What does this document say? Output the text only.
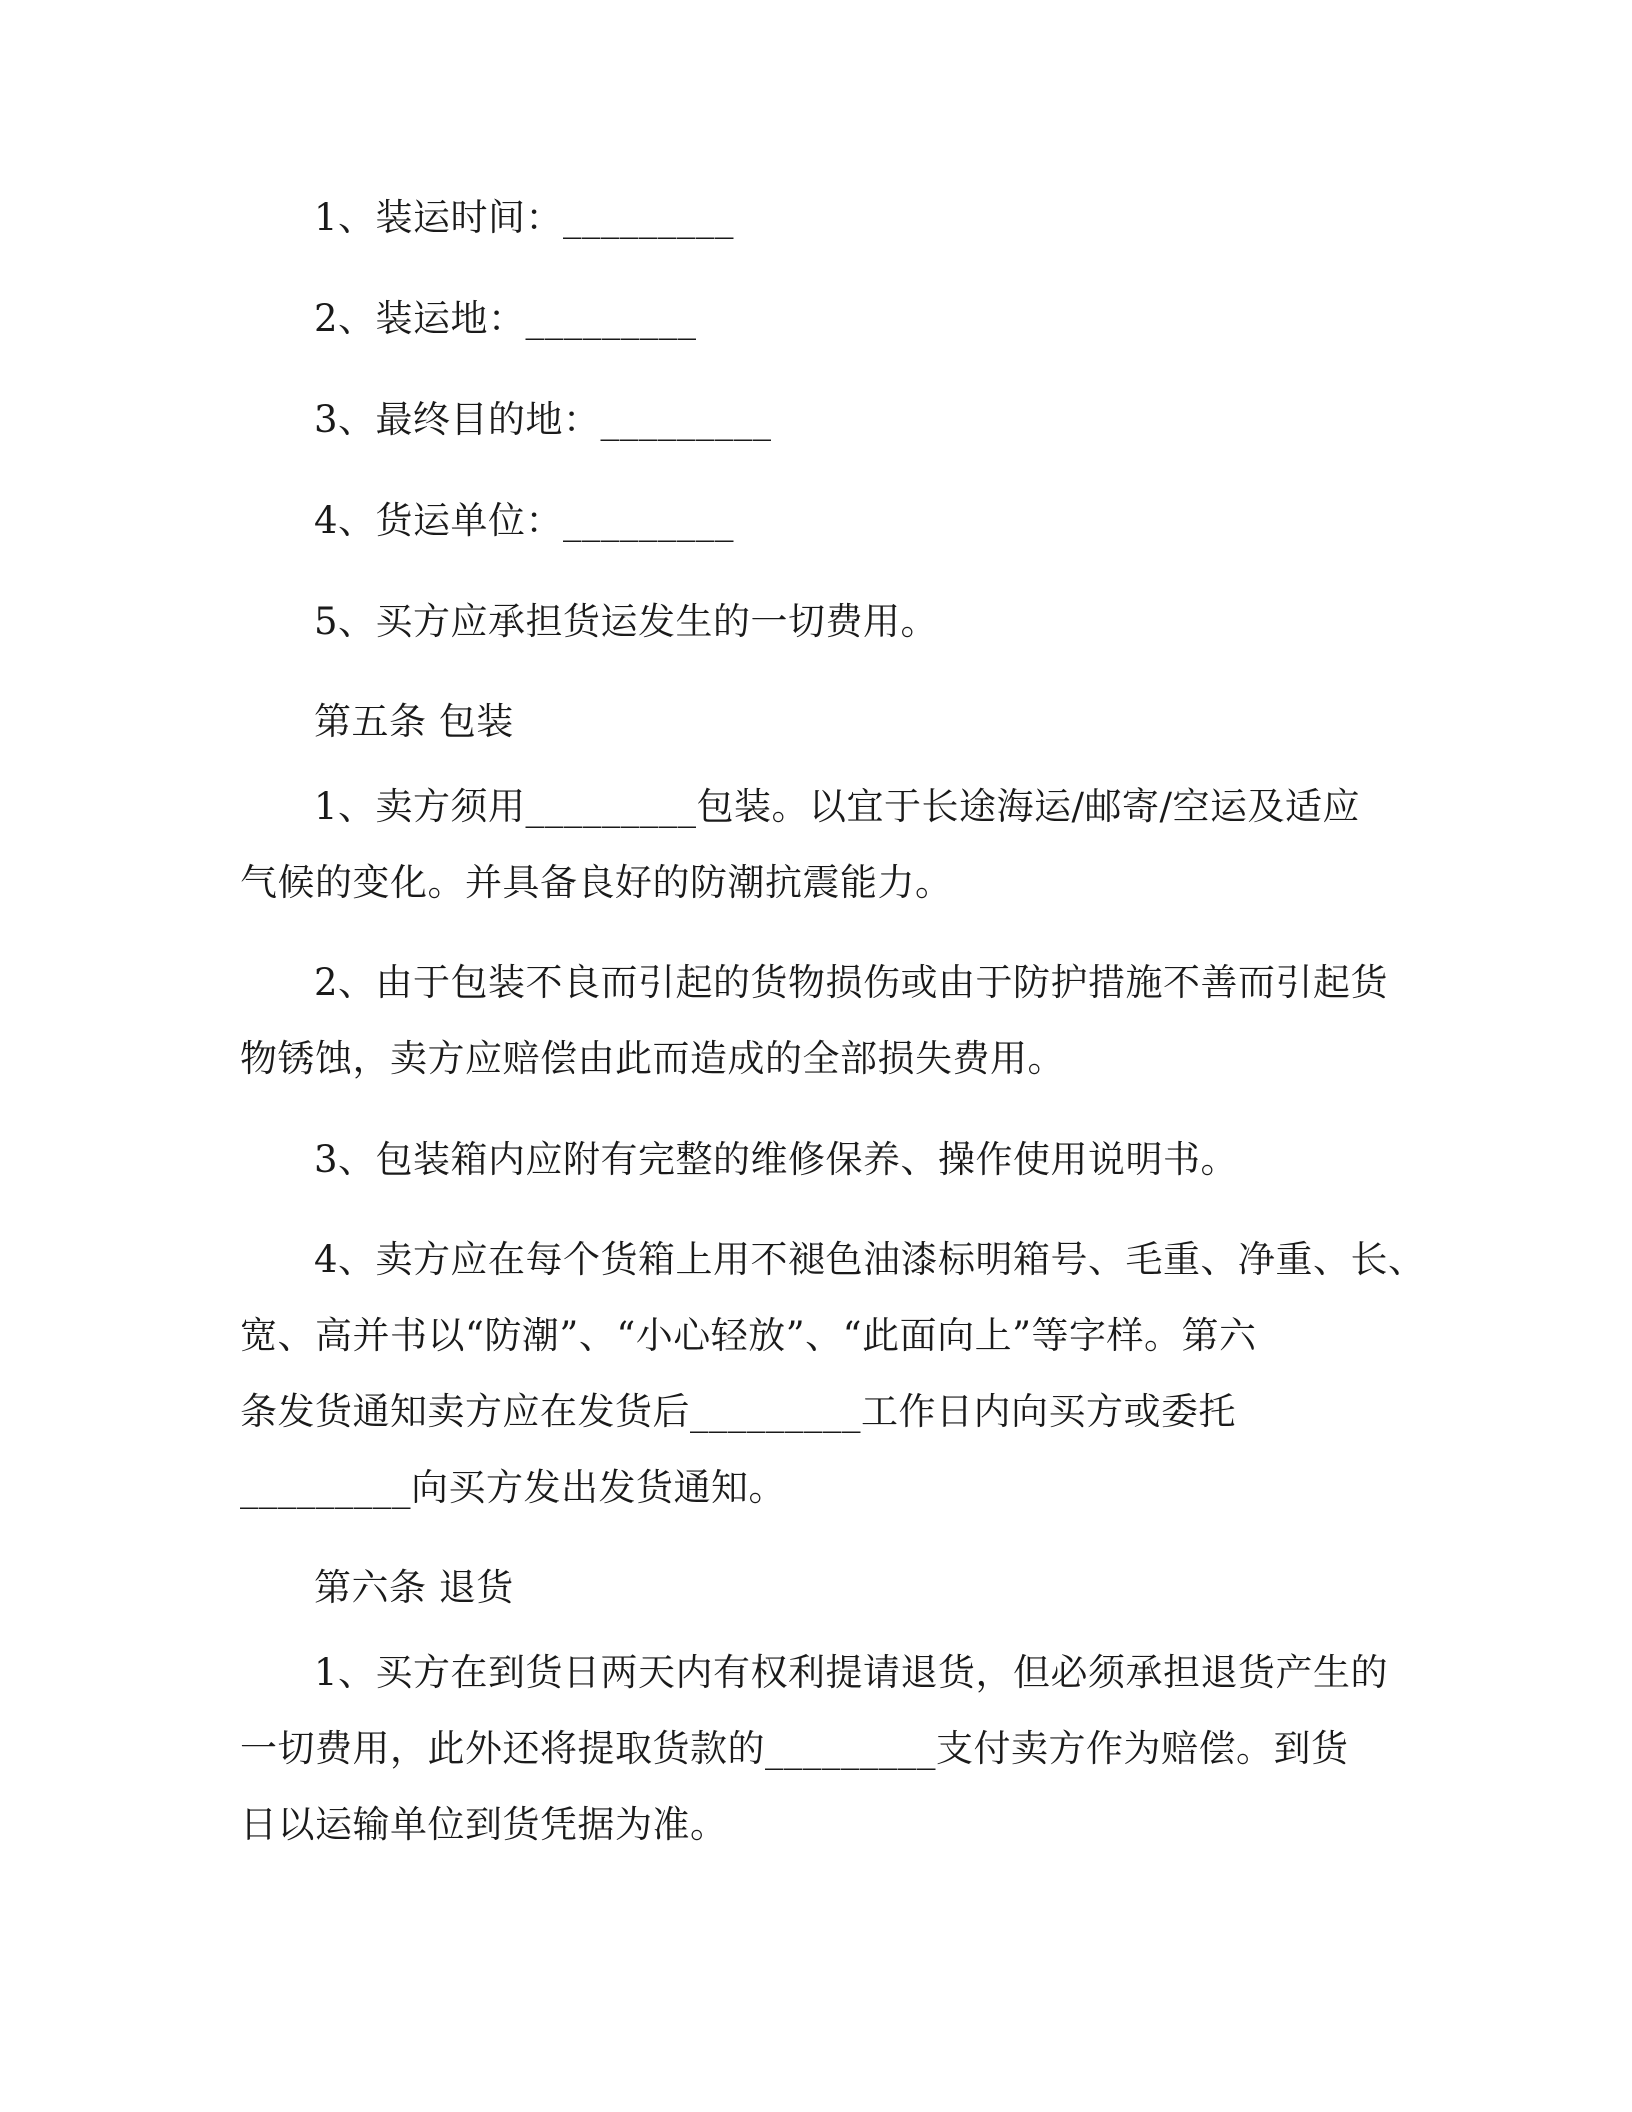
1、装运时间：_________
2、装运地：_________
3、最终目的地：_________
4、货运单位：_________
5、买方应承担货运发生的一切费用。
第五条 包装
1、卖方须用_________包装。以宜于长途海运/邮寄/空运及适应
气候的变化。并具备良好的防潮抗震能力。
2、由于包装不良而引起的货物损伤或由于防护措施不善而引起货
物锈蚀，卖方应赔偿由此而造成的全部损失费用。
3、包装箱内应附有完整的维修保养、操作使用说明书。
4、卖方应在每个货箱上用不褪色油漆标明箱号、毛重、净重、长、
宽、高并书以“防潮”、“小心轻放”、“此面向上”等字样。第六
条发货通知卖方应在发货后_________工作日内向买方或委托
_________向买方发出发货通知。
第六条 退货
1、买方在到货日两天内有权利提请退货，但必须承担退货产生的
一切费用，此外还将提取货款的_________支付卖方作为赔偿。到货
日以运输单位到货凭据为准。
